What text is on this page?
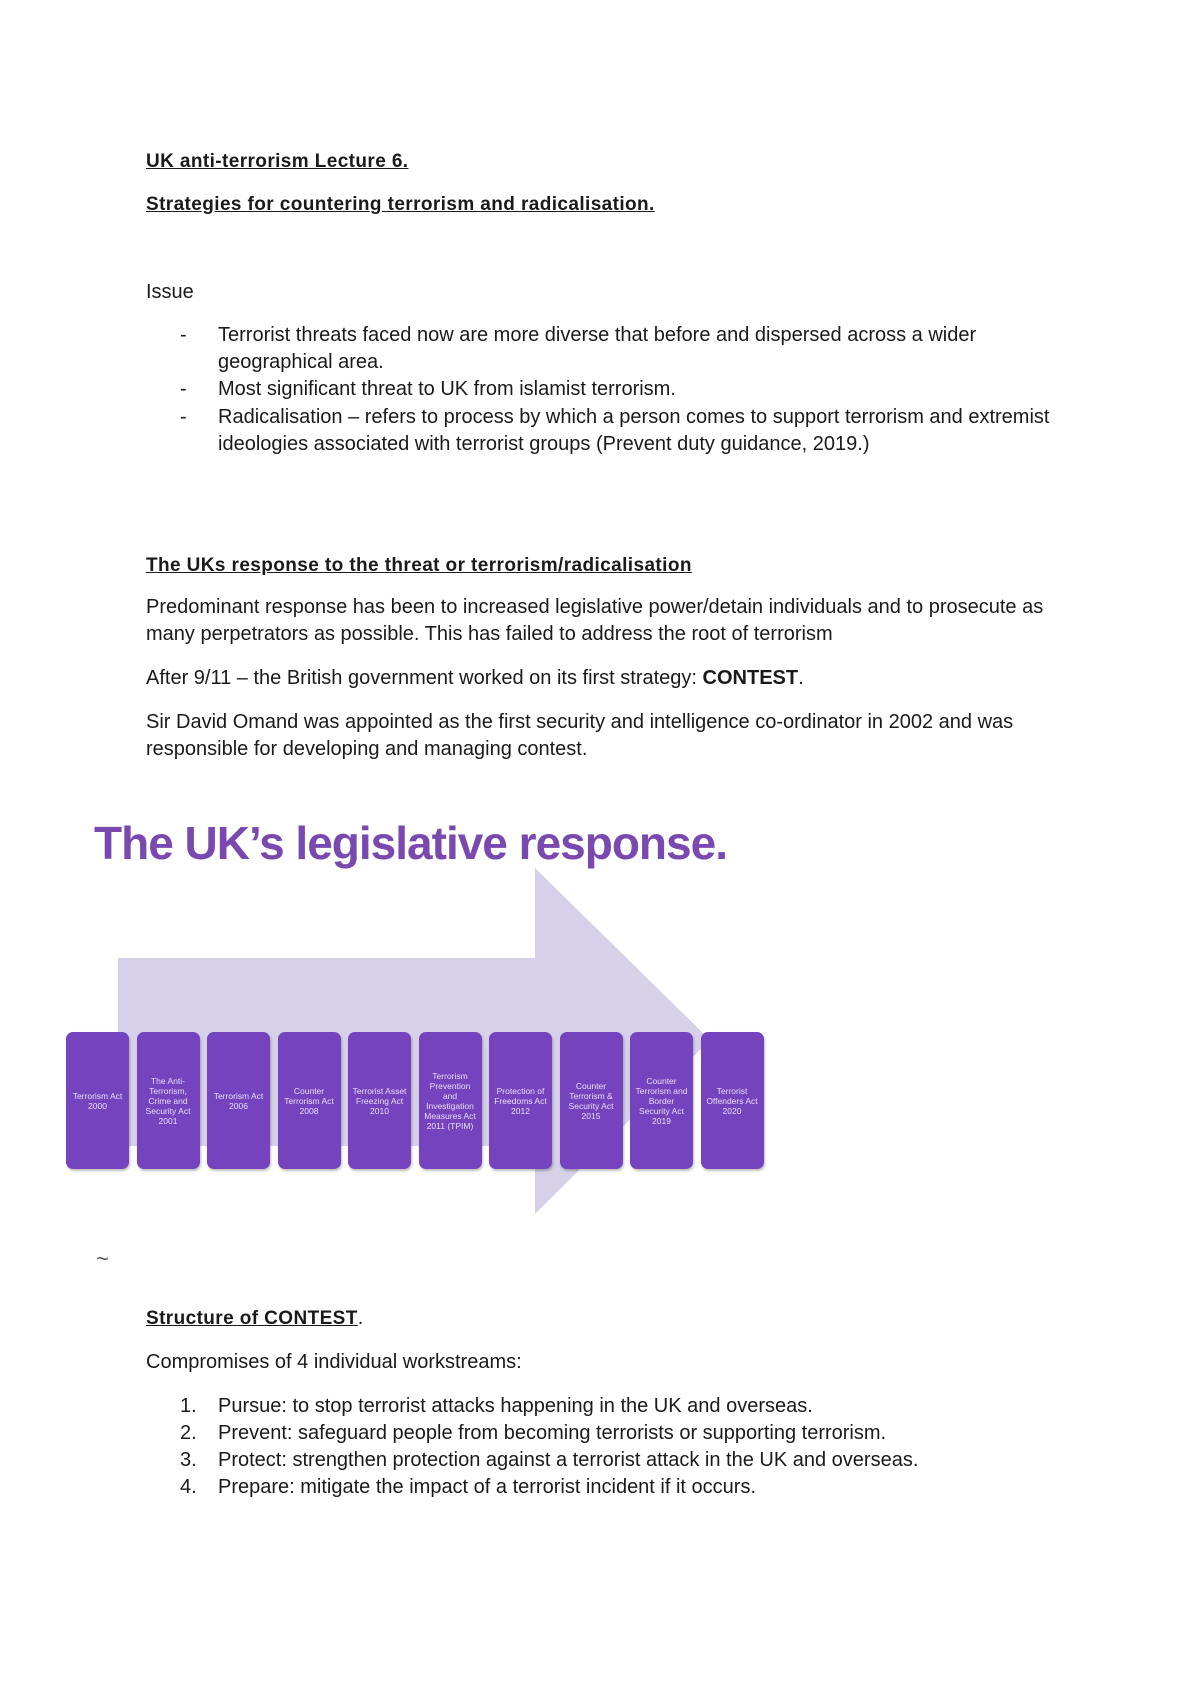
UK anti-terrorism Lecture 6.
Strategies for countering terrorism and radicalisation.
Issue
- Terrorist threats faced now are more diverse that before and dispersed across a wider geographical area.
- Most significant threat to UK from islamist terrorism.
- Radicalisation – refers to process by which a person comes to support terrorism and extremist ideologies associated with terrorist groups (Prevent duty guidance, 2019.)
The UKs response to the threat or terrorism/radicalisation
Predominant response has been to increased legislative power/detain individuals and to prosecute as many perpetrators as possible. This has failed to address the root of terrorism
After 9/11 – the British government worked on its first strategy: CONTEST.
Sir David Omand was appointed as the first security and intelligence co-ordinator in 2002 and was responsible for developing and managing contest.
The UK’s legislative response.
Terrorism Act 2000
The Anti-Terrorism, Crime and Security Act 2001
Terrorism Act 2006
Counter Terrorism Act 2008
Terrorist Asset Freezing Act 2010
Terrorism Prevention and Investigation Measures Act 2011 (TPIM)
Protection of Freedoms Act 2012
Counter Terrorism & Security Act 2015
Counter Terrorism and Border Security Act 2019
Terrorist Offenders Act 2020
~
Structure of CONTEST.
Compromises of 4 individual workstreams:
1. Pursue: to stop terrorist attacks happening in the UK and overseas.
2. Prevent: safeguard people from becoming terrorists or supporting terrorism.
3. Protect: strengthen protection against a terrorist attack in the UK and overseas.
4. Prepare: mitigate the impact of a terrorist incident if it occurs.
